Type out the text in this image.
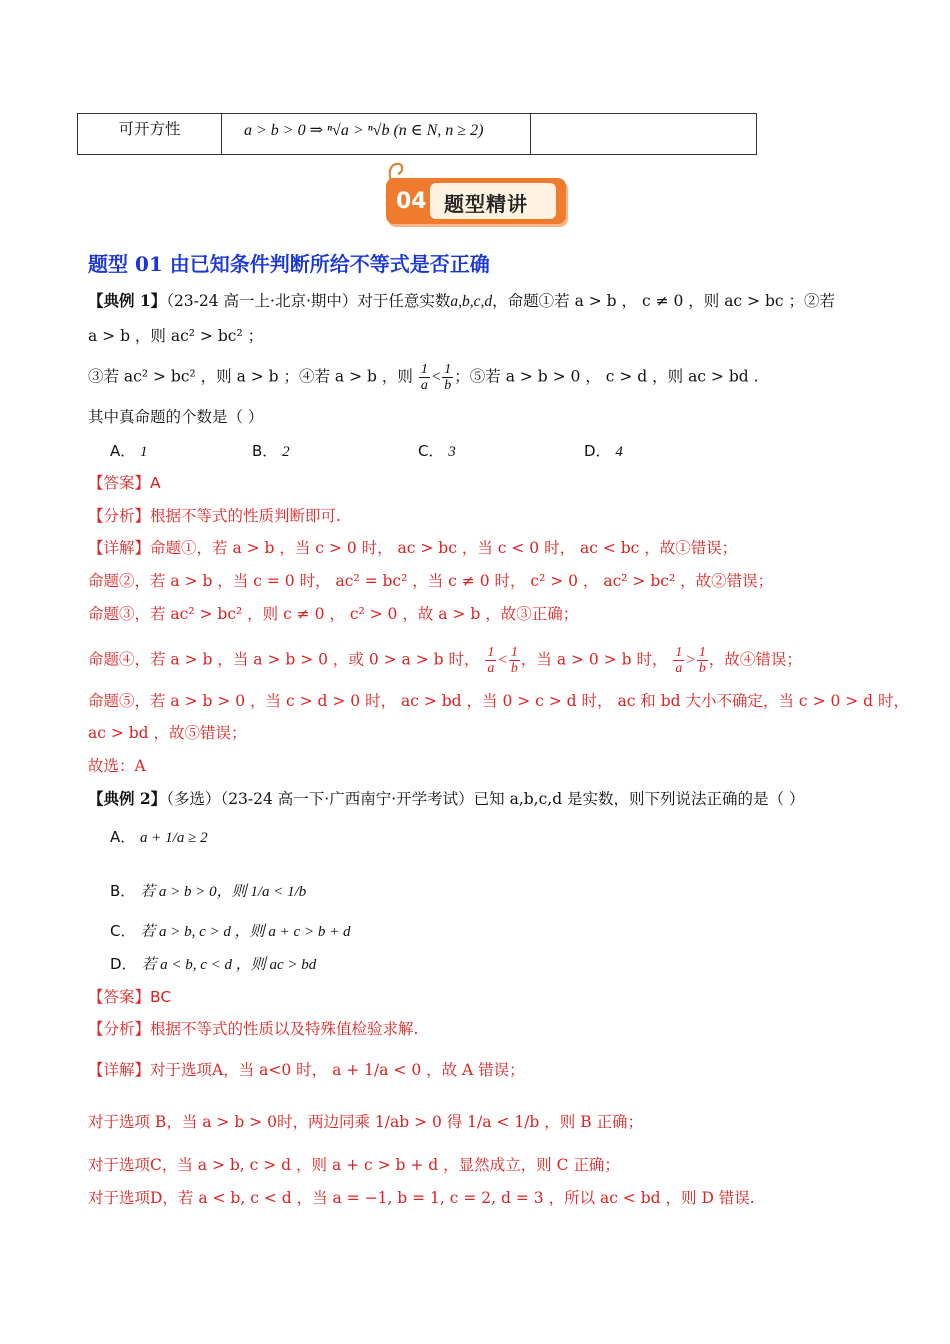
可开方性	a > b > 0 ⇒ ⁿ√a > ⁿ√b (n ∈ N, n ≥ 2)
04 题型精讲
题型 01 由已知条件判断所给不等式是否正确
【典例 1】（23-24 高一上·北京·期中）对于任意实数a,b,c,d，命题①若 a > b ， c ≠ 0 ，则 ac > bc ；②若
a > b ，则 ac² > bc² ；
③若 ac² > bc² ，则 a > b ；④若 a > b ，则 $\frac{1}{a} < \frac{1}{b}$ ；⑤若 a > b > 0 ， c > d ，则 ac > bd .
其中真命题的个数是（ ）
A． 1	B． 2	C． 3	D． 4
【答案】A
【分析】根据不等式的性质判断即可.
【详解】命题①，若 a > b ，当 c > 0 时， ac > bc ，当 c < 0 时， ac < bc ，故①错误；
命题②，若 a > b ，当 c = 0 时， ac² = bc² ，当 c ≠ 0 时， c² > 0 ， ac² > bc² ，故②错误；
命题③，若 ac² > bc² ，则 c ≠ 0 ， c² > 0 ，故 a > b ，故③正确；
命题④，若 a > b ，当 a > b > 0 ，或 0 > a > b 时， $\frac{1}{a} < \frac{1}{b}$ ，当 a > 0 > b 时， $\frac{1}{a} > \frac{1}{b}$ ，故④错误；
命题⑤，若 a > b > 0 ，当 c > d > 0 时， ac > bd ，当 0 > c > d 时， ac 和 bd 大小不确定，当 c > 0 > d 时，
ac > bd ，故⑤错误；
故选：A
【典例 2】（多选）（23-24 高一下·广西南宁·开学考试）已知 a,b,c,d 是实数，则下列说法正确的是（ ）
A． a + 1/a ≥ 2
B． 若 a > b > 0，则 1/a < 1/b
C． 若 a > b, c > d ，则 a + c > b + d
D． 若 a < b, c < d ，则 ac > bd
【答案】BC
【分析】根据不等式的性质以及特殊值检验求解.
【详解】对于选项A，当 a<0 时， a + 1/a < 0 ，故 A 错误；
对于选项 B，当 a > b > 0时，两边同乘 1/ab > 0 得 1/a < 1/b ，则 B 正确；
对于选项C，当 a > b, c > d ，则 a + c > b + d ，显然成立，则 C 正确；
对于选项D，若 a < b, c < d ，当 a = −1, b = 1, c = 2, d = 3 ，所以 ac < bd ，则 D 错误.
